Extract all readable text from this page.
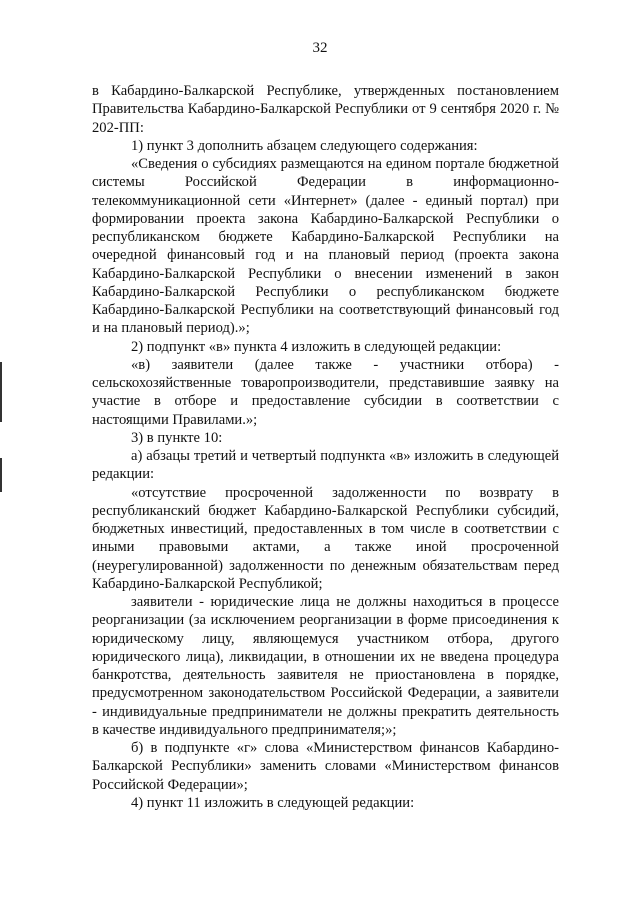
32

в Кабардино-Балкарской Республике, утвержденных постановлением Правительства Кабардино-Балкарской Республики от 9 сентября 2020 г. № 202-ПП:

1) пункт 3 дополнить абзацем следующего содержания:

«Сведения о субсидиях размещаются на едином портале бюджетной системы Российской Федерации в информационно-телекоммуникационной сети «Интернет» (далее - единый портал) при формировании проекта закона Кабардино-Балкарской Республики о республиканском бюджете Кабардино-Балкарской Республики на очередной финансовый год и на плановый период (проекта закона Кабардино-Балкарской Республики о внесении изменений в закон Кабардино-Балкарской Республики о республиканском бюджете Кабардино-Балкарской Республики на соответствующий финансовый год и на плановый период).»;

2) подпункт «в» пункта 4 изложить в следующей редакции:

«в) заявители (далее также - участники отбора) - сельскохозяйственные товаропроизводители, представившие заявку на участие в отборе и предоставление субсидии в соответствии с настоящими Правилами.»;

3) в пункте 10:

а) абзацы третий и четвертый подпункта «в» изложить в следующей редакции:

«отсутствие просроченной задолженности по возврату в республиканский бюджет Кабардино-Балкарской Республики субсидий, бюджетных инвестиций, предоставленных в том числе в соответствии с иными правовыми актами, а также иной просроченной (неурегулированной) задолженности по денежным обязательствам перед Кабардино-Балкарской Республикой;

заявители - юридические лица не должны находиться в процессе реорганизации (за исключением реорганизации в форме присоединения к юридическому лицу, являющемуся участником отбора, другого юридического лица), ликвидации, в отношении их не введена процедура банкротства, деятельность заявителя не приостановлена в порядке, предусмотренном законодательством Российской Федерации, а заявители - индивидуальные предприниматели не должны прекратить деятельность в качестве индивидуального предпринимателя;»;

б) в подпункте «г» слова «Министерством финансов Кабардино-Балкарской Республики» заменить словами «Министерством финансов Российской Федерации»;

4) пункт 11 изложить в следующей редакции:
